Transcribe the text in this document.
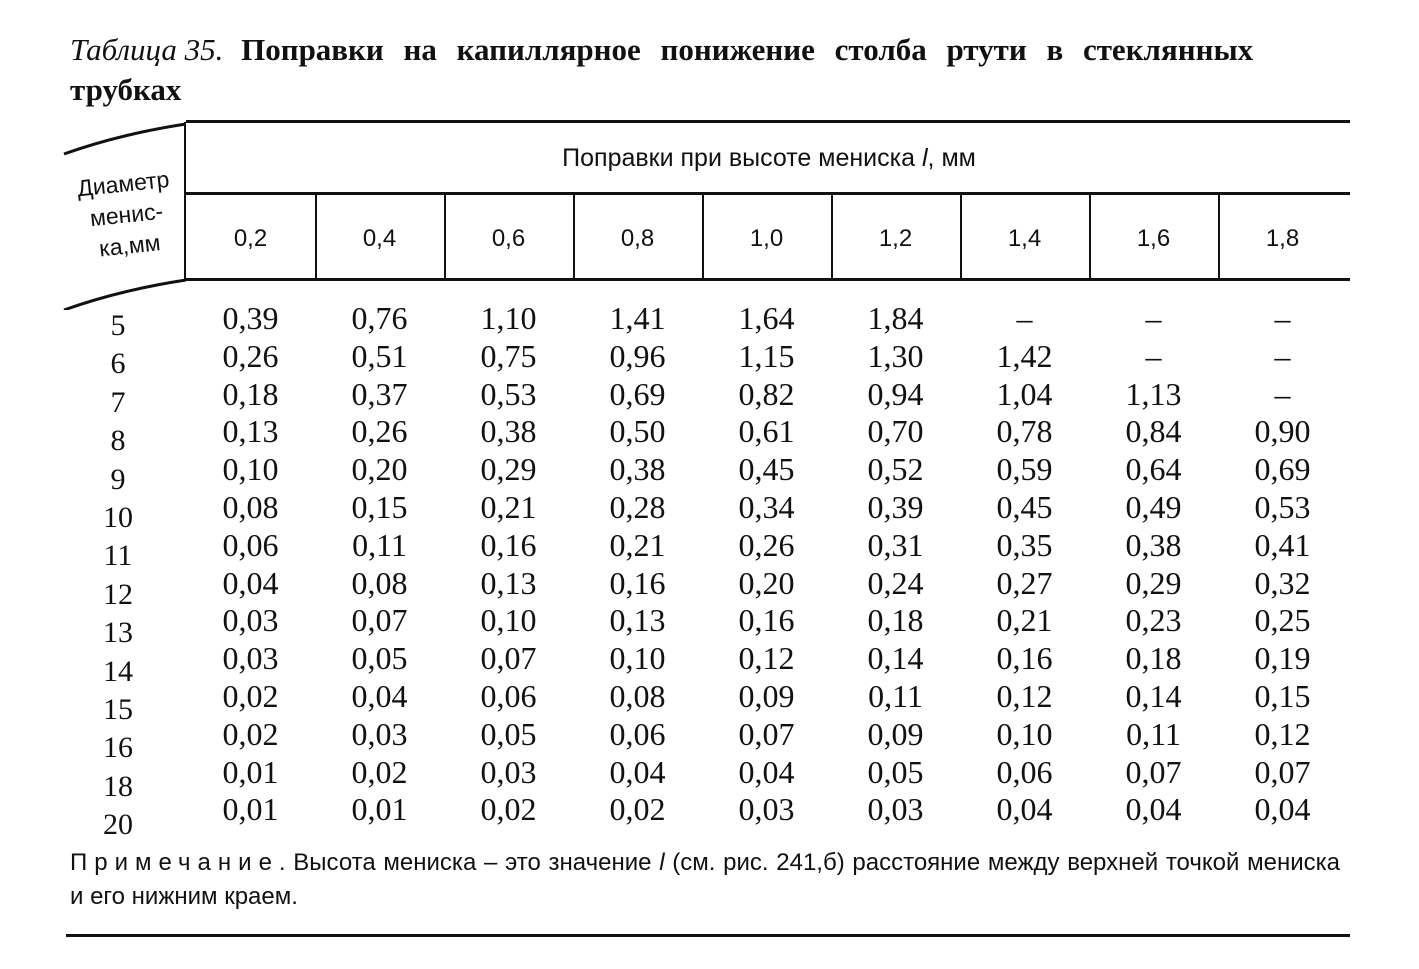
Таблица 35. Поправки на капиллярное понижение столба ртути в стеклянных трубках
Диаметр
менис-
ка,мм
Поправки при высоте мениска l, мм
0,2	0,4	0,6	0,8	1,0	1,2	1,4	1,6	1,8
5	0,39	0,76	1,10	1,41	1,64	1,84	–	–	–
6	0,26	0,51	0,75	0,96	1,15	1,30	1,42	–	–
7	0,18	0,37	0,53	0,69	0,82	0,94	1,04	1,13	–
8	0,13	0,26	0,38	0,50	0,61	0,70	0,78	0,84	0,90
9	0,10	0,20	0,29	0,38	0,45	0,52	0,59	0,64	0,69
10	0,08	0,15	0,21	0,28	0,34	0,39	0,45	0,49	0,53
11	0,06	0,11	0,16	0,21	0,26	0,31	0,35	0,38	0,41
12	0,04	0,08	0,13	0,16	0,20	0,24	0,27	0,29	0,32
13	0,03	0,07	0,10	0,13	0,16	0,18	0,21	0,23	0,25
14	0,03	0,05	0,07	0,10	0,12	0,14	0,16	0,18	0,19
15	0,02	0,04	0,06	0,08	0,09	0,11	0,12	0,14	0,15
16	0,02	0,03	0,05	0,06	0,07	0,09	0,10	0,11	0,12
18	0,01	0,02	0,03	0,04	0,04	0,05	0,06	0,07	0,07
20	0,01	0,01	0,02	0,02	0,03	0,03	0,04	0,04	0,04
Примечание. Высота мениска – это значение l (см. рис. 241,б) расстояние между верхней точкой мениска и его нижним краем.
